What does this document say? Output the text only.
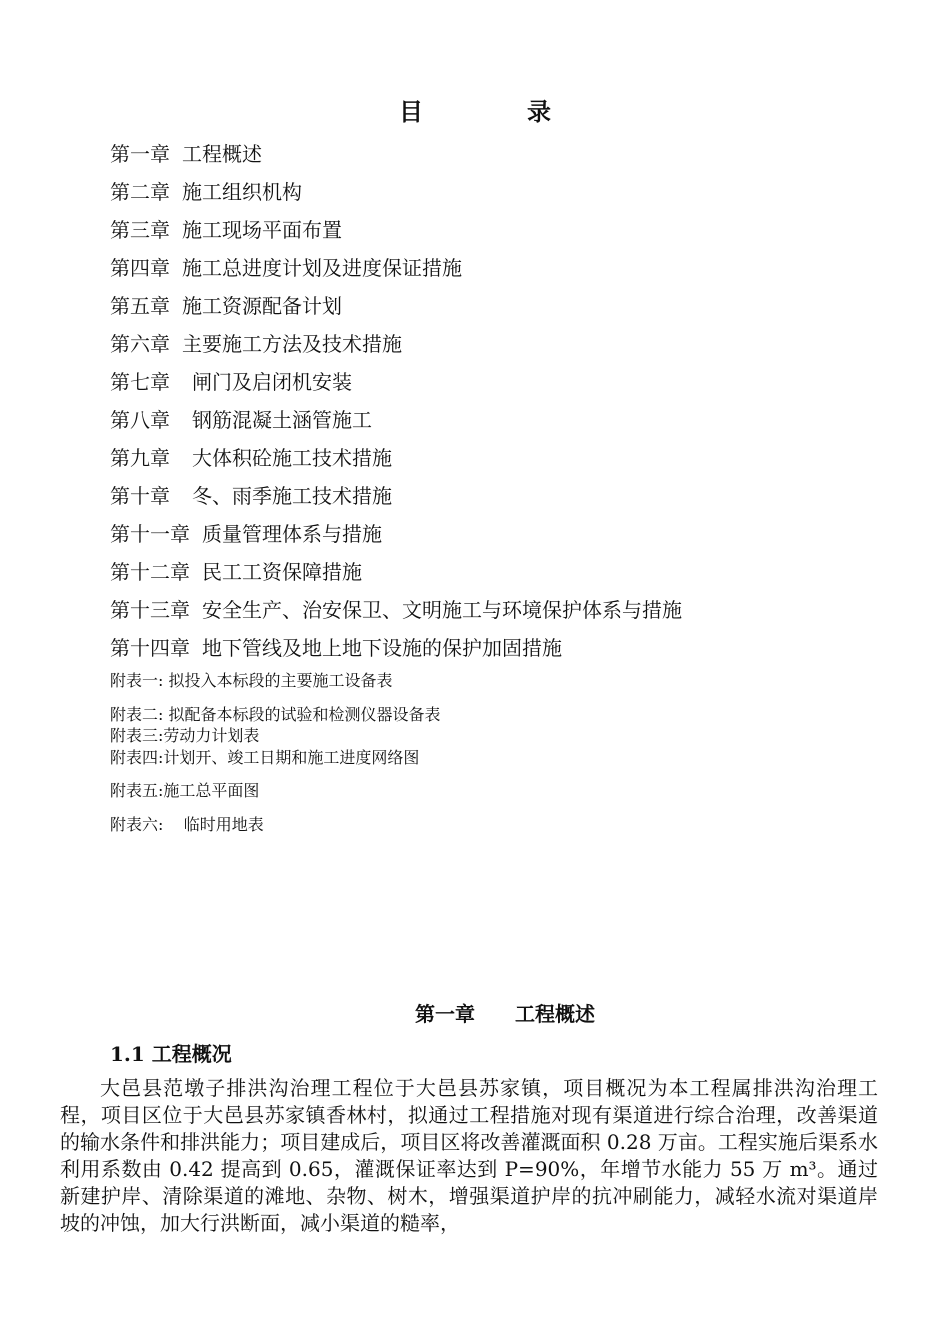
目　录
第一章 工程概述
第二章 施工组织机构
第三章 施工现场平面布置
第四章 施工总进度计划及进度保证措施
第五章 施工资源配备计划
第六章 主要施工方法及技术措施
第七章 闸门及启闭机安装
第八章 钢筋混凝土涵管施工
第九章 大体积砼施工技术措施
第十章 冬、雨季施工技术措施
第十一章 质量管理体系与措施
第十二章 民工工资保障措施
第十三章 安全生产、治安保卫、文明施工与环境保护体系与措施
第十四章 地下管线及地上地下设施的保护加固措施
附表一: 拟投入本标段的主要施工设备表
附表二: 拟配备本标段的试验和检测仪器设备表
附表三:劳动力计划表
附表四:计划开、竣工日期和施工进度网络图
附表五:施工总平面图
附表六: 临时用地表
第一章 工程概述
1.1 工程概况

大邑县范墩子排洪沟治理工程位于大邑县苏家镇，项目概况为本工程属排洪沟治理工程，项目区位于大邑县苏家镇香林村，拟通过工程措施对现有渠道进行综合治理，改善渠道的输水条件和排洪能力；项目建成后，项目区将改善灌溉面积 0.28 万亩。工程实施后渠系水利用系数由 0.42 提高到 0.65，灌溉保证率达到 P=90%，年增节水能力 55 万 m³。通过新建护岸、清除渠道的滩地、杂物、树木，增强渠道护岸的抗冲刷能力，减轻水流对渠道岸坡的冲蚀，加大行洪断面，减小渠道的糙率，
